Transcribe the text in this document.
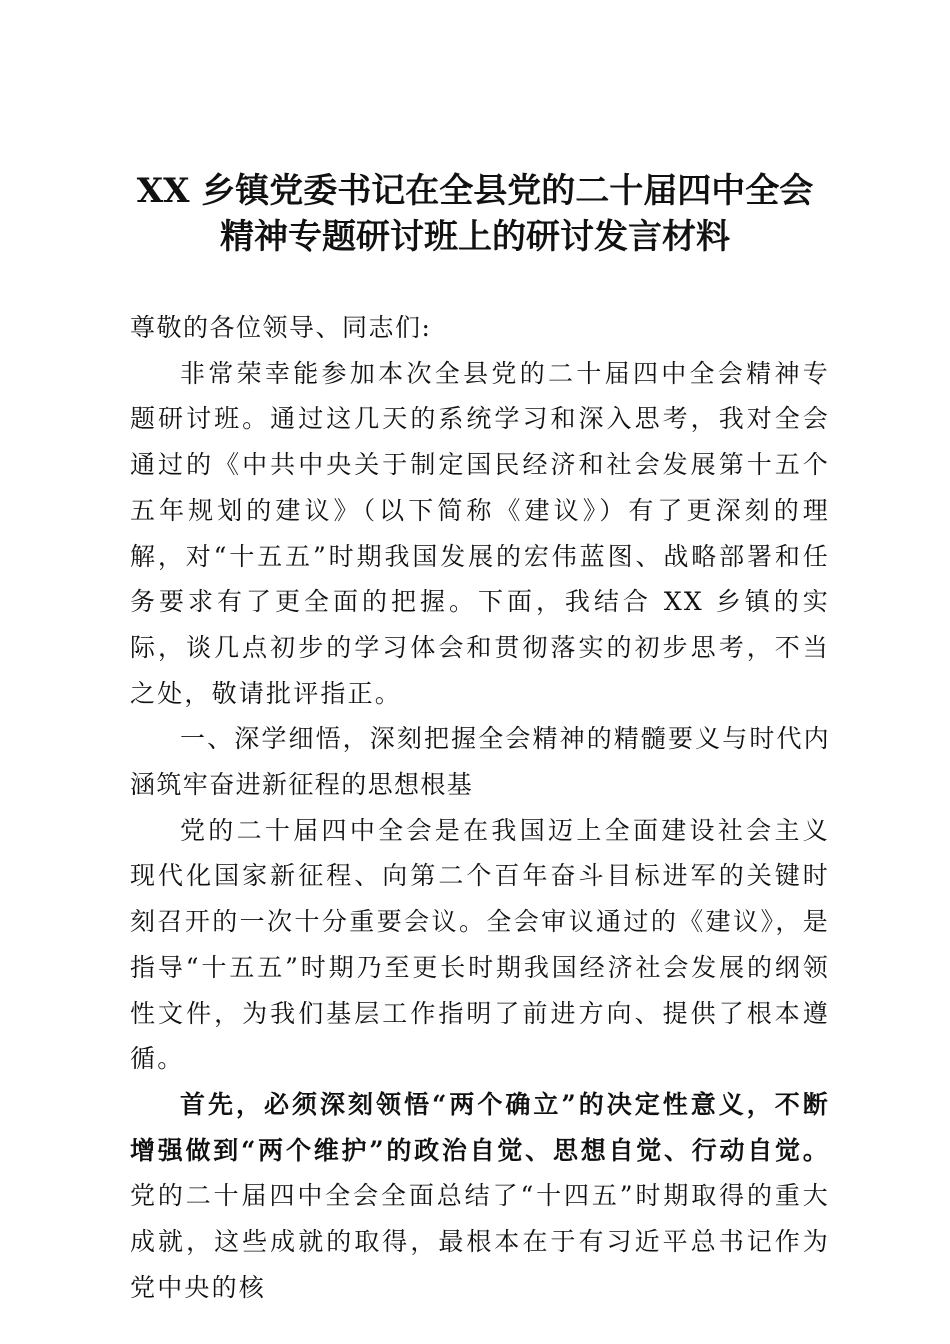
XX 乡镇党委书记在全县党的二十届四中全会
精神专题研讨班上的研讨发言材料

尊敬的各位领导、同志们:

非常荣幸能参加本次全县党的二十届四中全会精神专题研讨班。通过这几天的系统学习和深入思考，我对全会通过的《中共中央关于制定国民经济和社会发展第十五个五年规划的建议》（以下简称《建议》）有了更深刻的理解，对“十五五”时期我国发展的宏伟蓝图、战略部署和任务要求有了更全面的把握。下面，我结合 XX 乡镇的实际，谈几点初步的学习体会和贯彻落实的初步思考，不当之处，敬请批评指正。

一、深学细悟，深刻把握全会精神的精髓要义与时代内涵筑牢奋进新征程的思想根基

党的二十届四中全会是在我国迈上全面建设社会主义现代化国家新征程、向第二个百年奋斗目标进军的关键时刻召开的一次十分重要会议。全会审议通过的《建议》，是指导“十五五”时期乃至更长时期我国经济社会发展的纲领性文件，为我们基层工作指明了前进方向、提供了根本遵循。

首先，必须深刻领悟“两个确立”的决定性意义，不断增强做到“两个维护”的政治自觉、思想自觉、行动自觉。党的二十届四中全会全面总结了“十四五”时期取得的重大成就，这些成就的取得，最根本在于有习近平总书记作为党中央的核
